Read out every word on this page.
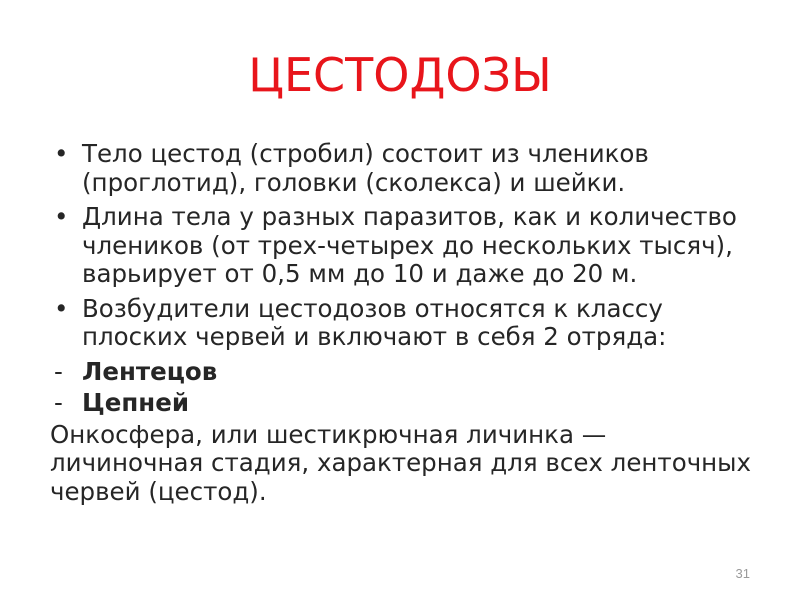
ЦЕСТОДОЗЫ
• Тело цестод (стробил) состоит из члеников (проглотид), головки (сколекса) и шейки.
• Длина тела у разных паразитов, как и количество члеников (от трех-четырех до нескольких тысяч), варьирует от 0,5 мм до 10 и даже до 20 м.
• Возбудители цестодозов относятся к классу плоских червей и включают в себя 2 отряда:
- Лентецов
- Цепней

Онкосфера, или шестикрючная личинка — личиночная стадия, характерная для всех ленточных червей (цестод).

31
